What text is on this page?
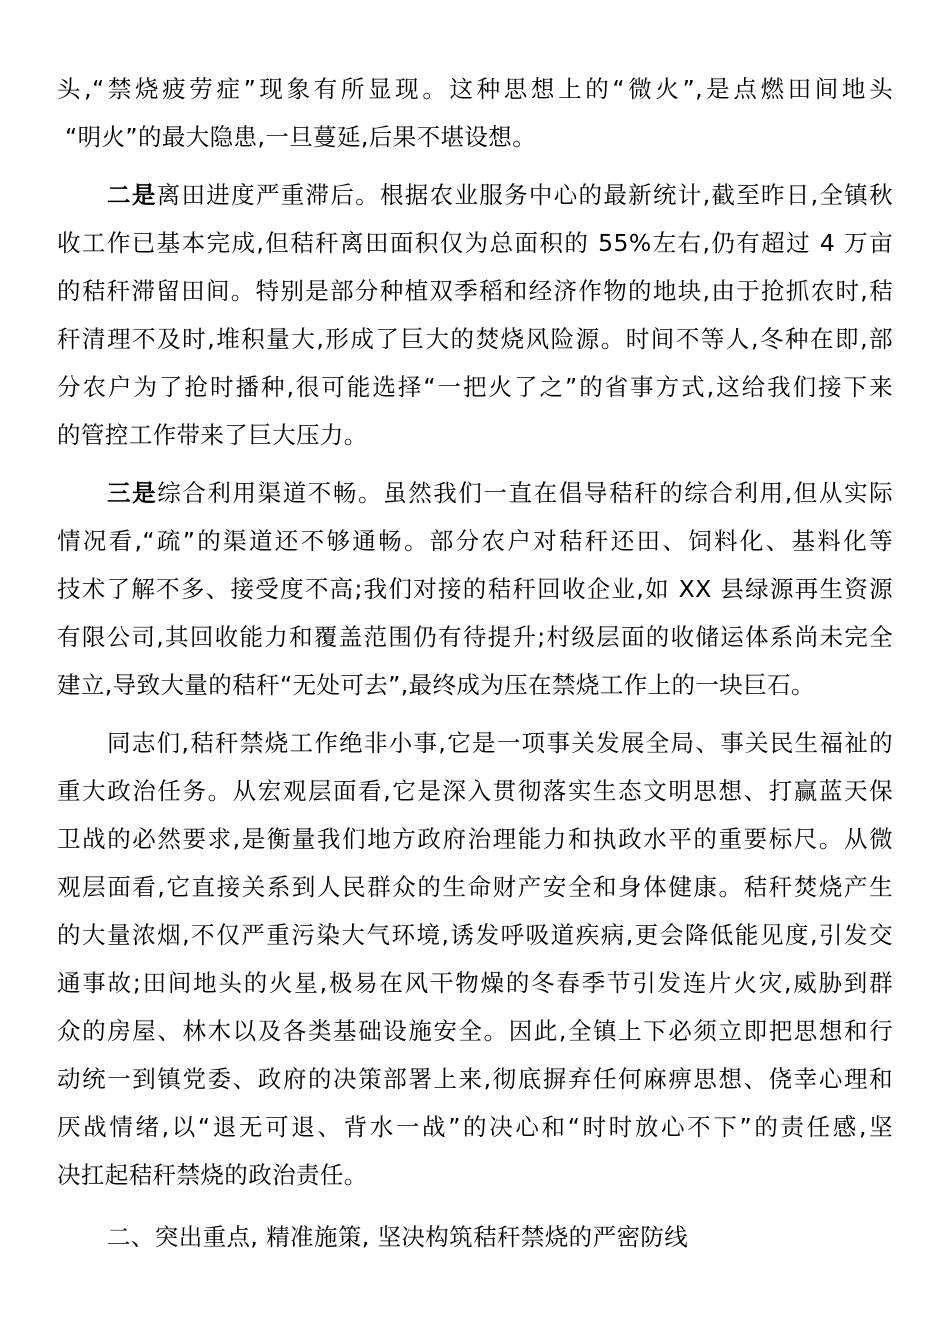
头,“禁烧疲劳症”现象有所显现。这种思想上的“微火”,是点燃田间地头
“明火”的最大隐患,一旦蔓延,后果不堪设想。
二是离田进度严重滞后。根据农业服务中心的最新统计,截至昨日,全镇秋
收工作已基本完成,但秸秆离田面积仅为总面积的 55%左右,仍有超过 4 万亩
的秸秆滞留田间。特别是部分种植双季稻和经济作物的地块,由于抢抓农时,秸
秆清理不及时,堆积量大,形成了巨大的焚烧风险源。时间不等人,冬种在即,部
分农户为了抢时播种,很可能选择“一把火了之”的省事方式,这给我们接下来
的管控工作带来了巨大压力。
三是综合利用渠道不畅。虽然我们一直在倡导秸秆的综合利用,但从实际
情况看,“疏”的渠道还不够通畅。部分农户对秸秆还田、饲料化、基料化等
技术了解不多、接受度不高;我们对接的秸秆回收企业,如 XX 县绿源再生资源
有限公司,其回收能力和覆盖范围仍有待提升;村级层面的收储运体系尚未完全
建立,导致大量的秸秆“无处可去”,最终成为压在禁烧工作上的一块巨石。
同志们,秸秆禁烧工作绝非小事,它是一项事关发展全局、事关民生福祉的
重大政治任务。从宏观层面看,它是深入贯彻落实生态文明思想、打赢蓝天保
卫战的必然要求,是衡量我们地方政府治理能力和执政水平的重要标尺。从微
观层面看,它直接关系到人民群众的生命财产安全和身体健康。秸秆焚烧产生
的大量浓烟,不仅严重污染大气环境,诱发呼吸道疾病,更会降低能见度,引发交
通事故;田间地头的火星,极易在风干物燥的冬春季节引发连片火灾,威胁到群
众的房屋、林木以及各类基础设施安全。因此,全镇上下必须立即把思想和行
动统一到镇党委、政府的决策部署上来,彻底摒弃任何麻痹思想、侥幸心理和
厌战情绪,以“退无可退、背水一战”的决心和“时时放心不下”的责任感,坚
决扛起秸秆禁烧的政治责任。
二、突出重点, 精准施策, 坚决构筑秸秆禁烧的严密防线
